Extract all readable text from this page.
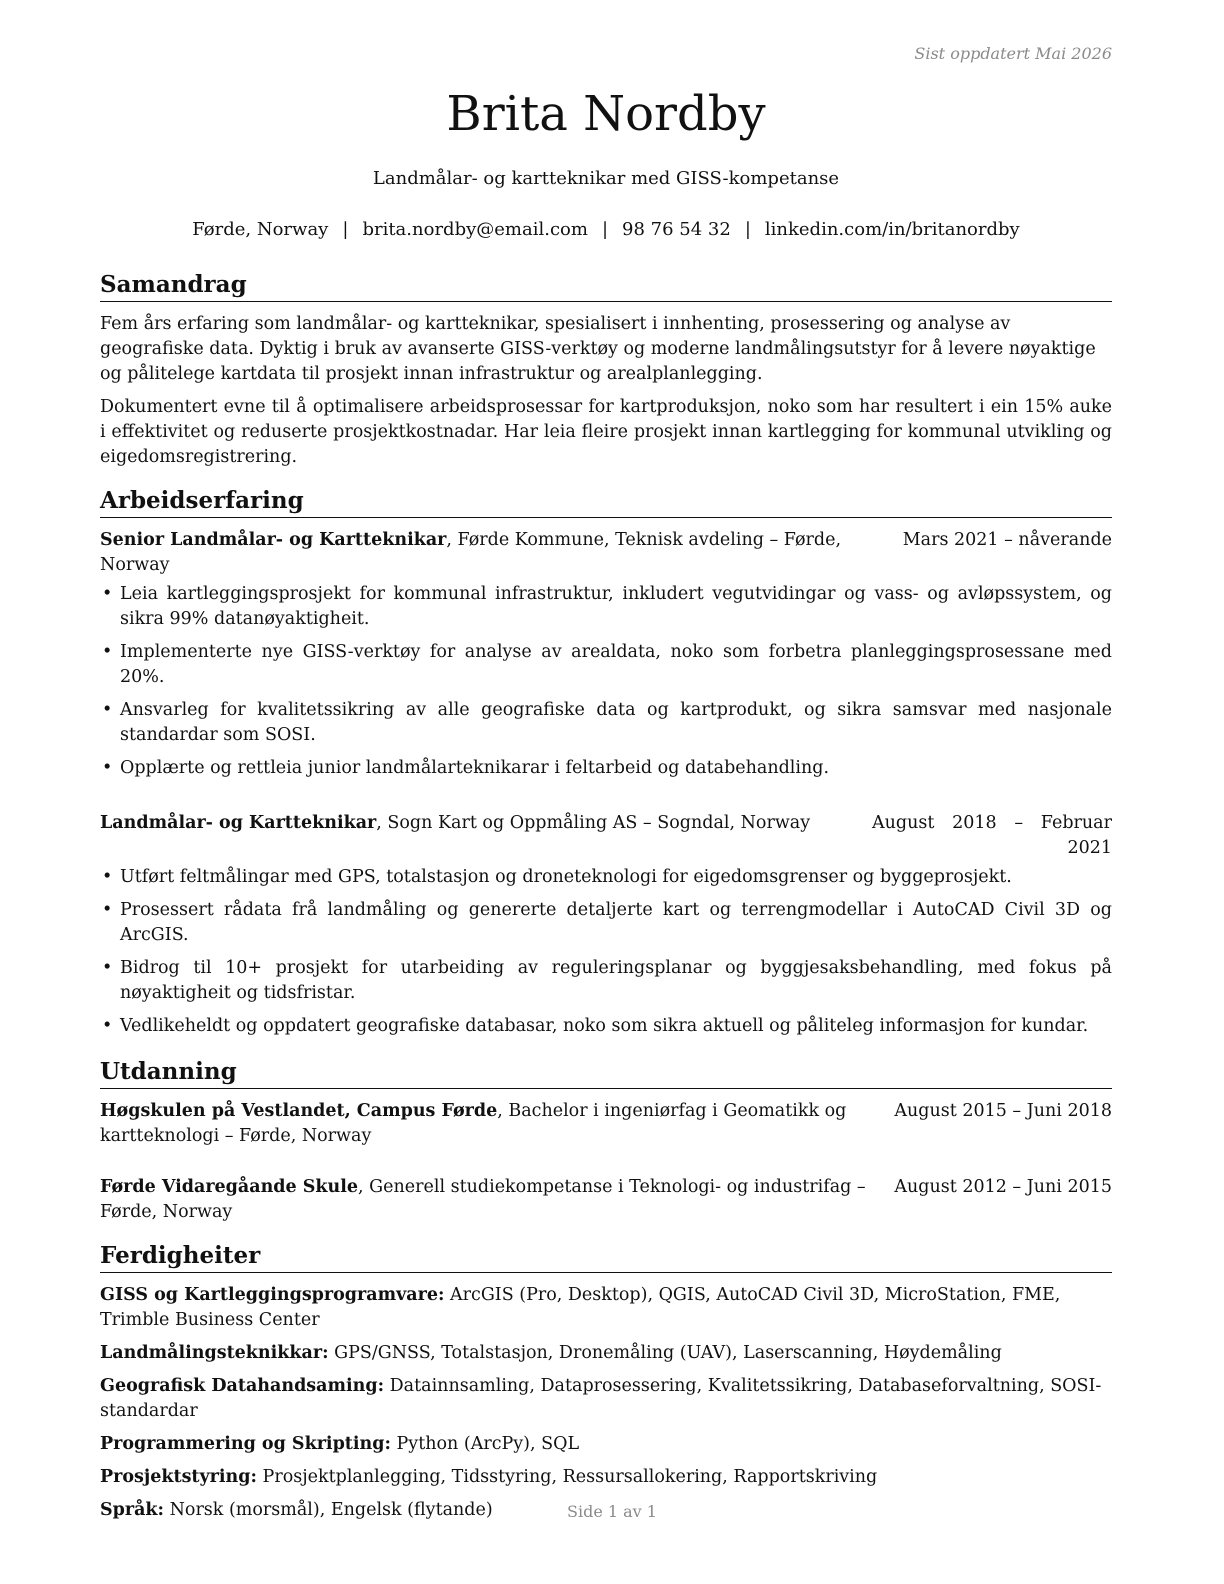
Sist oppdatert Mai 2026
Brita Nordby
Landmålar- og kartteknikar med GISS-kompetanse
Førde, Norway | brita.nordby@email.com | 98 76 54 32 | linkedin.com/in/britanordby
Samandrag

Fem års erfaring som landmålar- og kartteknikar, spesialisert i innhenting, prosessering og analyse av geografiske data. Dyktig i bruk av avanserte GISS-verktøy og moderne landmålingsutstyr for å levere nøyaktige og pålitelege kartdata til prosjekt innan infrastruktur og arealplanlegging.

Dokumentert evne til å optimalisere arbeidsprosessar for kartproduksjon, noko som har resultert i ein 15% auke i effektivitet og reduserte prosjektkostnadar. Har leia fleire prosjekt innan kartlegging for kommunal utvikling og eigedomsregistrering.

Arbeidserfaring
Senior Landmålar- og Kartteknikar, Førde Kommune, Teknisk avdeling – Førde, Norway
Mars 2021 – nåverande
• Leia kartleggingsprosjekt for kommunal infrastruktur, inkludert vegutvidingar og vass- og avløpssystem, og sikra 99% datanøyaktigheit.
• Implementerte nye GISS-verktøy for analyse av arealdata, noko som forbetra planleggingsprosessane med 20%.
• Ansvarleg for kvalitetssikring av alle geografiske data og kartprodukt, og sikra samsvar med nasjonale standardar som SOSI.
• Opplærte og rettleia junior landmålarteknikarar i feltarbeid og databehandling.
Landmålar- og Kartteknikar, Sogn Kart og Oppmåling AS – Sogndal, Norway	August 2018 – Februar 2021
• Utført feltmålingar med GPS, totalstasjon og droneteknologi for eigedomsgrenser og byggeprosjekt.
• Prosessert rådata frå landmåling og genererte detaljerte kart og terrengmodellar i AutoCAD Civil 3D og ArcGIS.
• Bidrog til 10+ prosjekt for utarbeiding av reguleringsplanar og byggjesaksbehandling, med fokus på nøyaktigheit og tidsfristar.
• Vedlikeheldt og oppdatert geografiske databasar, noko som sikra aktuell og påliteleg informasjon for kundar.
Utdanning
Høgskulen på Vestlandet, Campus Førde, Bachelor i ingeniørfag i Geomatikk og kartteknologi – Førde, Norway
August 2015 – Juni 2018
Førde Vidaregåande Skule, Generell studiekompetanse i Teknologi- og industrifag – Førde, Norway
August 2012 – Juni 2015
Ferdigheiter
GISS og Kartleggingsprogramvare: ArcGIS (Pro, Desktop), QGIS, AutoCAD Civil 3D, MicroStation, FME, Trimble Business Center
Landmålingsteknikkar: GPS/GNSS, Totalstasjon, Dronemåling (UAV), Laserscanning, Høydemåling
Geografisk Datahandsaming: Datainnsamling, Dataprosessering, Kvalitetssikring, Databaseforvaltning, SOSI-standardar
Programmering og Skripting: Python (ArcPy), SQL
Prosjektstyring: Prosjektplanlegging, Tidsstyring, Ressursallokering, Rapportskriving
Språk: Norsk (morsmål), Engelsk (flytande)	Side 1 av 1
